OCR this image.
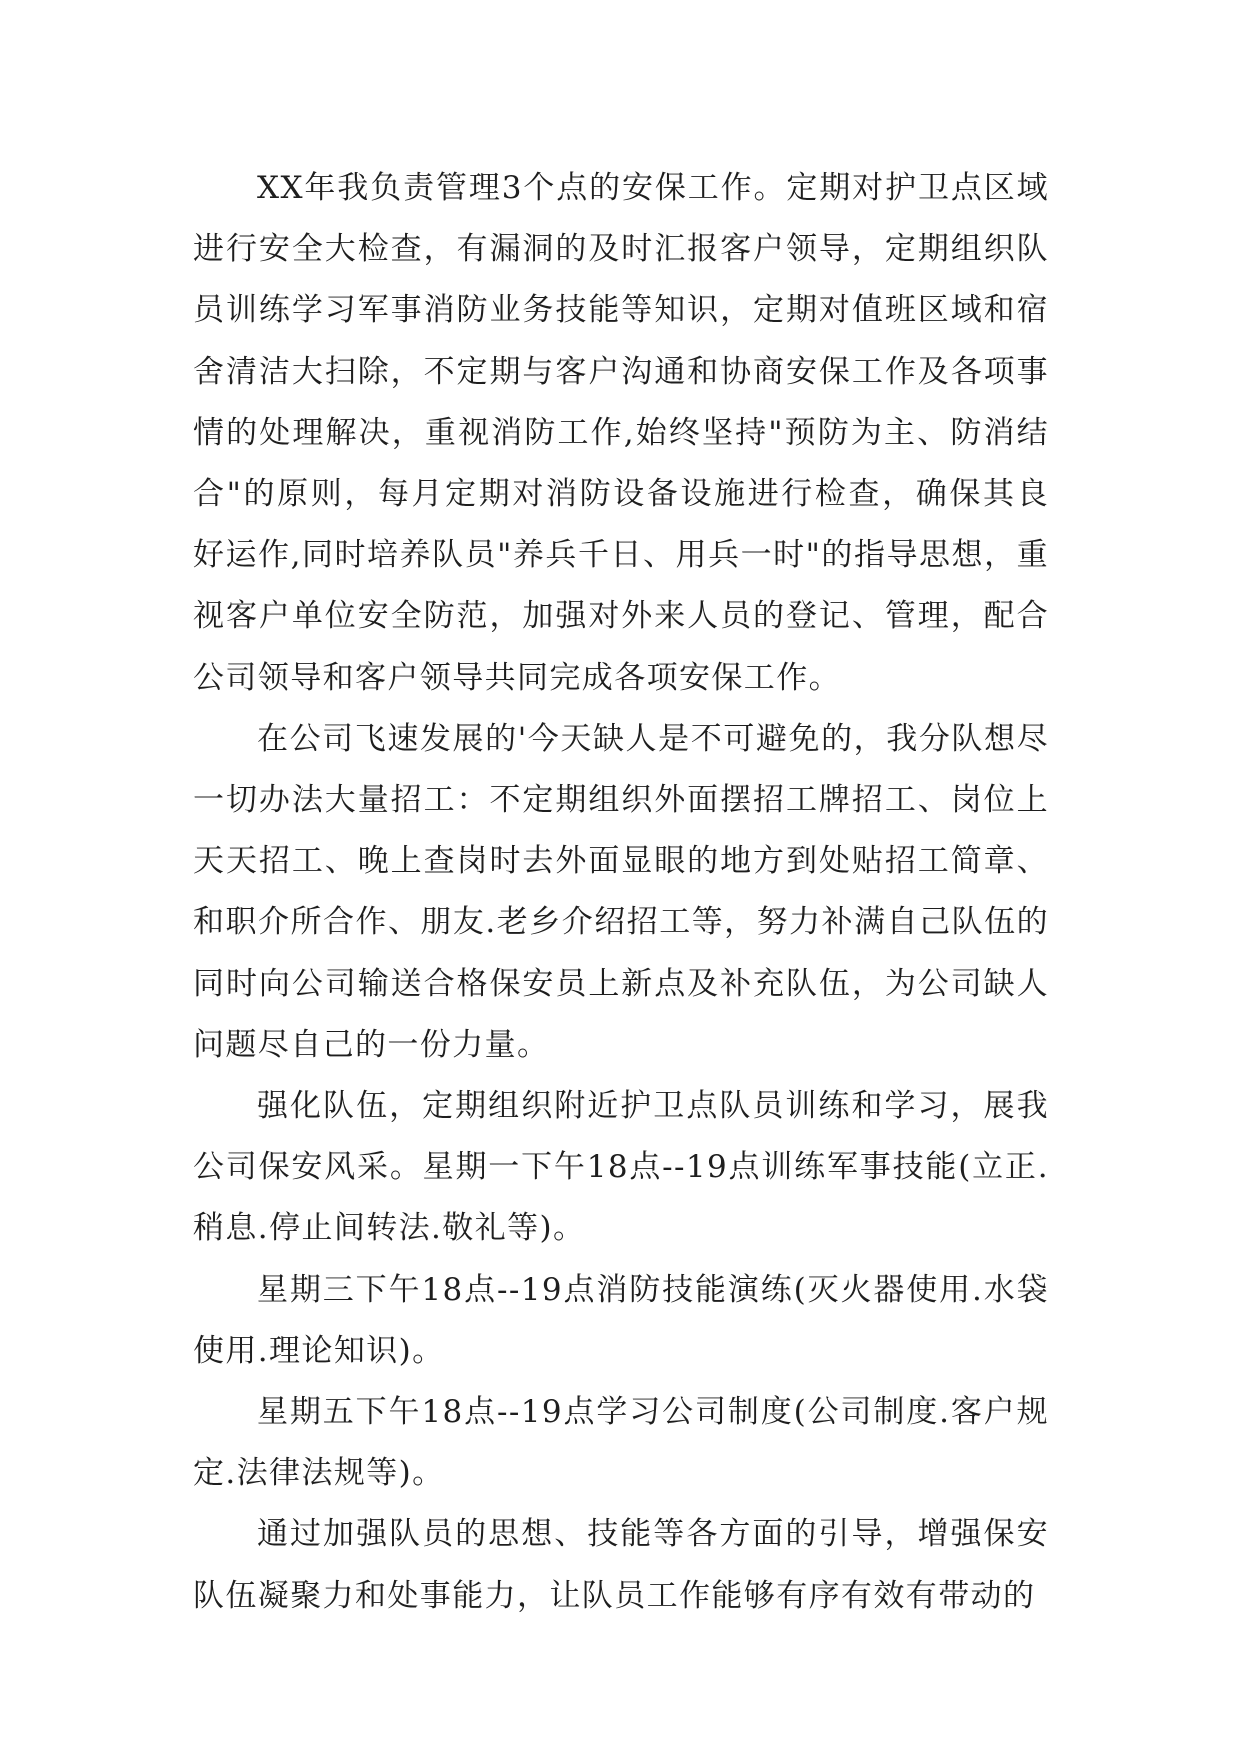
XX年我负责管理3个点的安保工作。定期对护卫点区域进行安全大检查，有漏洞的及时汇报客户领导，定期组织队员训练学习军事消防业务技能等知识，定期对值班区域和宿舍清洁大扫除，不定期与客户沟通和协商安保工作及各项事情的处理解决，重视消防工作,始终坚持"预防为主、防消结合"的原则，每月定期对消防设备设施进行检查，确保其良好运作,同时培养队员"养兵千日、用兵一时"的指导思想，重视客户单位安全防范，加强对外来人员的登记、管理，配合公司领导和客户领导共同完成各项安保工作。

在公司飞速发展的'今天缺人是不可避免的，我分队想尽一切办法大量招工：不定期组织外面摆招工牌招工、岗位上天天招工、晚上查岗时去外面显眼的地方到处贴招工简章、和职介所合作、朋友.老乡介绍招工等，努力补满自己队伍的同时向公司输送合格保安员上新点及补充队伍，为公司缺人问题尽自己的一份力量。

强化队伍，定期组织附近护卫点队员训练和学习，展我公司保安风采。星期一下午18点--19点训练军事技能(立正.稍息.停止间转法.敬礼等)。

星期三下午18点--19点消防技能演练(灭火器使用.水袋使用.理论知识)。

星期五下午18点--19点学习公司制度(公司制度.客户规定.法律法规等)。

通过加强队员的思想、技能等各方面的引导，增强保安队伍凝聚力和处事能力，让队员工作能够有序有效有带动的
